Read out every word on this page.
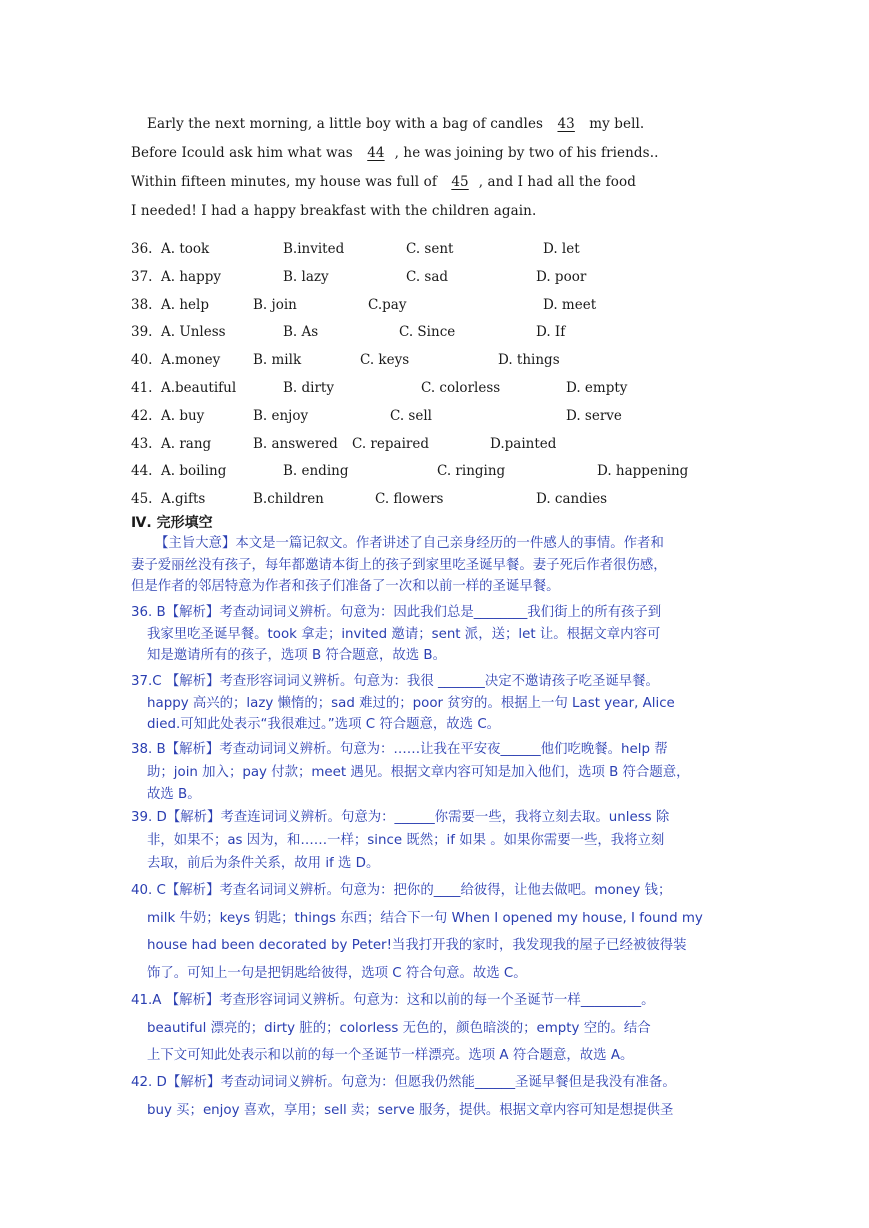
Early the next morning, a little boy with a bag of candles 43 my bell.
Before Icould ask him what was 44 , he was joining by two of his friends..
Within fifteen minutes, my house was full of 45 , and I had all the food
I needed! I had a happy breakfast with the children again.
36. A. took	B.invited	C. sent	D. let
37. A. happy	B. lazy	C. sad	D. poor
38. A. help	B. join	C.pay	D. meet
39. A. Unless	B. As	C. Since	D. If
40. A.money B. milk	C. keys	D. things
41. A.beautiful	B. dirty	C. colorless	D. empty
42. A. buy	B. enjoy	C. sell	D. serve
43. A. rang	B. answered C. repaired	D.painted
44. A. boiling	B. ending	C. ringing	D. happening
45. A.gifts	B.children	C. flowers	D. candies
Ⅳ. 完形填空
【主旨大意】本文是一篇记叙文。作者讲述了自己亲身经历的一件感人的事情。作者和
妻子爱丽丝没有孩子，每年都邀请本街上的孩子到家里吃圣诞早餐。妻子死后作者很伤感，
但是作者的邻居特意为作者和孩子们准备了一次和以前一样的圣诞早餐。
36. B【解析】考查动词词义辨析。句意为：因此我们总是________我们街上的所有孩子到
我家里吃圣诞早餐。took 拿走；invited 邀请；sent 派，送；let 让。根据文章内容可
知是邀请所有的孩子，选项 B 符合题意，故选 B。
37.C 【解析】考查形容词词义辨析。句意为：我很 _______决定不邀请孩子吃圣诞早餐。
happy 高兴的；lazy 懒惰的；sad 难过的；poor 贫穷的。根据上一句 Last year, Alice
died.可知此处表示“我很难过。”选项 C 符合题意，故选 C。
38. B【解析】考查动词词义辨析。句意为：……让我在平安夜______他们吃晚餐。help 帮
助；join 加入；pay 付款；meet 遇见。根据文章内容可知是加入他们，选项 B 符合题意，
故选 B。
39. D【解析】考查连词词义辨析。句意为：______你需要一些，我将立刻去取。unless 除
非，如果不；as 因为，和……一样；since 既然；if 如果 。如果你需要一些，我将立刻
去取，前后为条件关系，故用 if 选 D。
40. C【解析】考查名词词义辨析。句意为：把你的____给彼得，让他去做吧。money 钱；
milk 牛奶；keys 钥匙；things 东西；结合下一句 When I opened my house, I found my
house had been decorated by Peter!当我打开我的家时，我发现我的屋子已经被彼得装
饰了。可知上一句是把钥匙给彼得，选项 C 符合句意。故选 C。
41.A 【解析】考查形容词词义辨析。句意为：这和以前的每一个圣诞节一样_________。
beautiful 漂亮的；dirty 脏的；colorless 无色的，颜色暗淡的；empty 空的。结合
上下文可知此处表示和以前的每一个圣诞节一样漂亮。选项 A 符合题意，故选 A。
42. D【解析】考查动词词义辨析。句意为：但愿我仍然能______圣诞早餐但是我没有准备。
buy 买；enjoy 喜欢，享用；sell 卖；serve 服务，提供。根据文章内容可知是想提供圣
